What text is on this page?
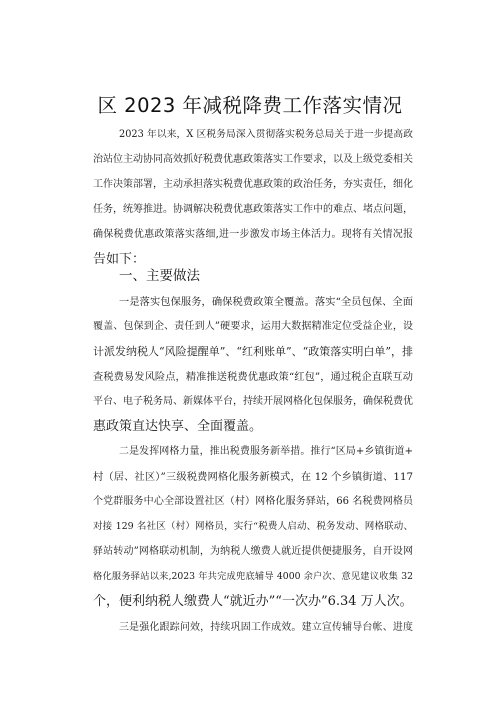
区 2023 年减税降费工作落实情况
2023 年以来，X 区税务局深入贯彻落实税务总局关于进一步提高政
治站位主动协同高效抓好税费优惠政策落实工作要求，以及上级党委相关
工作决策部署，主动承担落实税费优惠政策的政治任务，夯实责任，细化
任务，统筹推进。协调解决税费优惠政策落实工作中的难点、堵点问题，
确保税费优惠政策落实落细,进一步激发市场主体活力。现将有关情况报
告如下：
一、主要做法
一是落实包保服务，确保税费政策全覆盖。落实“全员包保、全面
覆盖、包保到企、责任到人”硬要求，运用大数据精准定位受益企业，设
计派发纳税人“风险提醒单”、“红利账单”、“政策落实明白单”，排
查税费易发风险点，精准推送税费优惠政策“红包”，通过税企直联互动
平台、电子税务局、新媒体平台，持续开展网格化包保服务，确保税费优
惠政策直达快享、全面覆盖。
二是发挥网格力量，推出税费服务新举措。推行“区局+乡镇街道+
村（居、社区）”三级税费网格化服务新模式，在 12 个乡镇街道、117
个党群服务中心全部设置社区（村）网格化服务驿站，66 名税费网格员
对接 129 名社区（村）网格员，实行“税费人启动、税务发动、网格联动、
驿站转动”网格联动机制，为纳税人缴费人就近提供便捷服务，自开设网
格化服务驿站以来,2023 年共完成兜底辅导 4000 余户次、意见建议收集 32
个，便利纳税人缴费人“就近办”“一次办”6.34 万人次。
三是强化跟踪问效，持续巩固工作成效。建立宣传辅导台帐、进度
